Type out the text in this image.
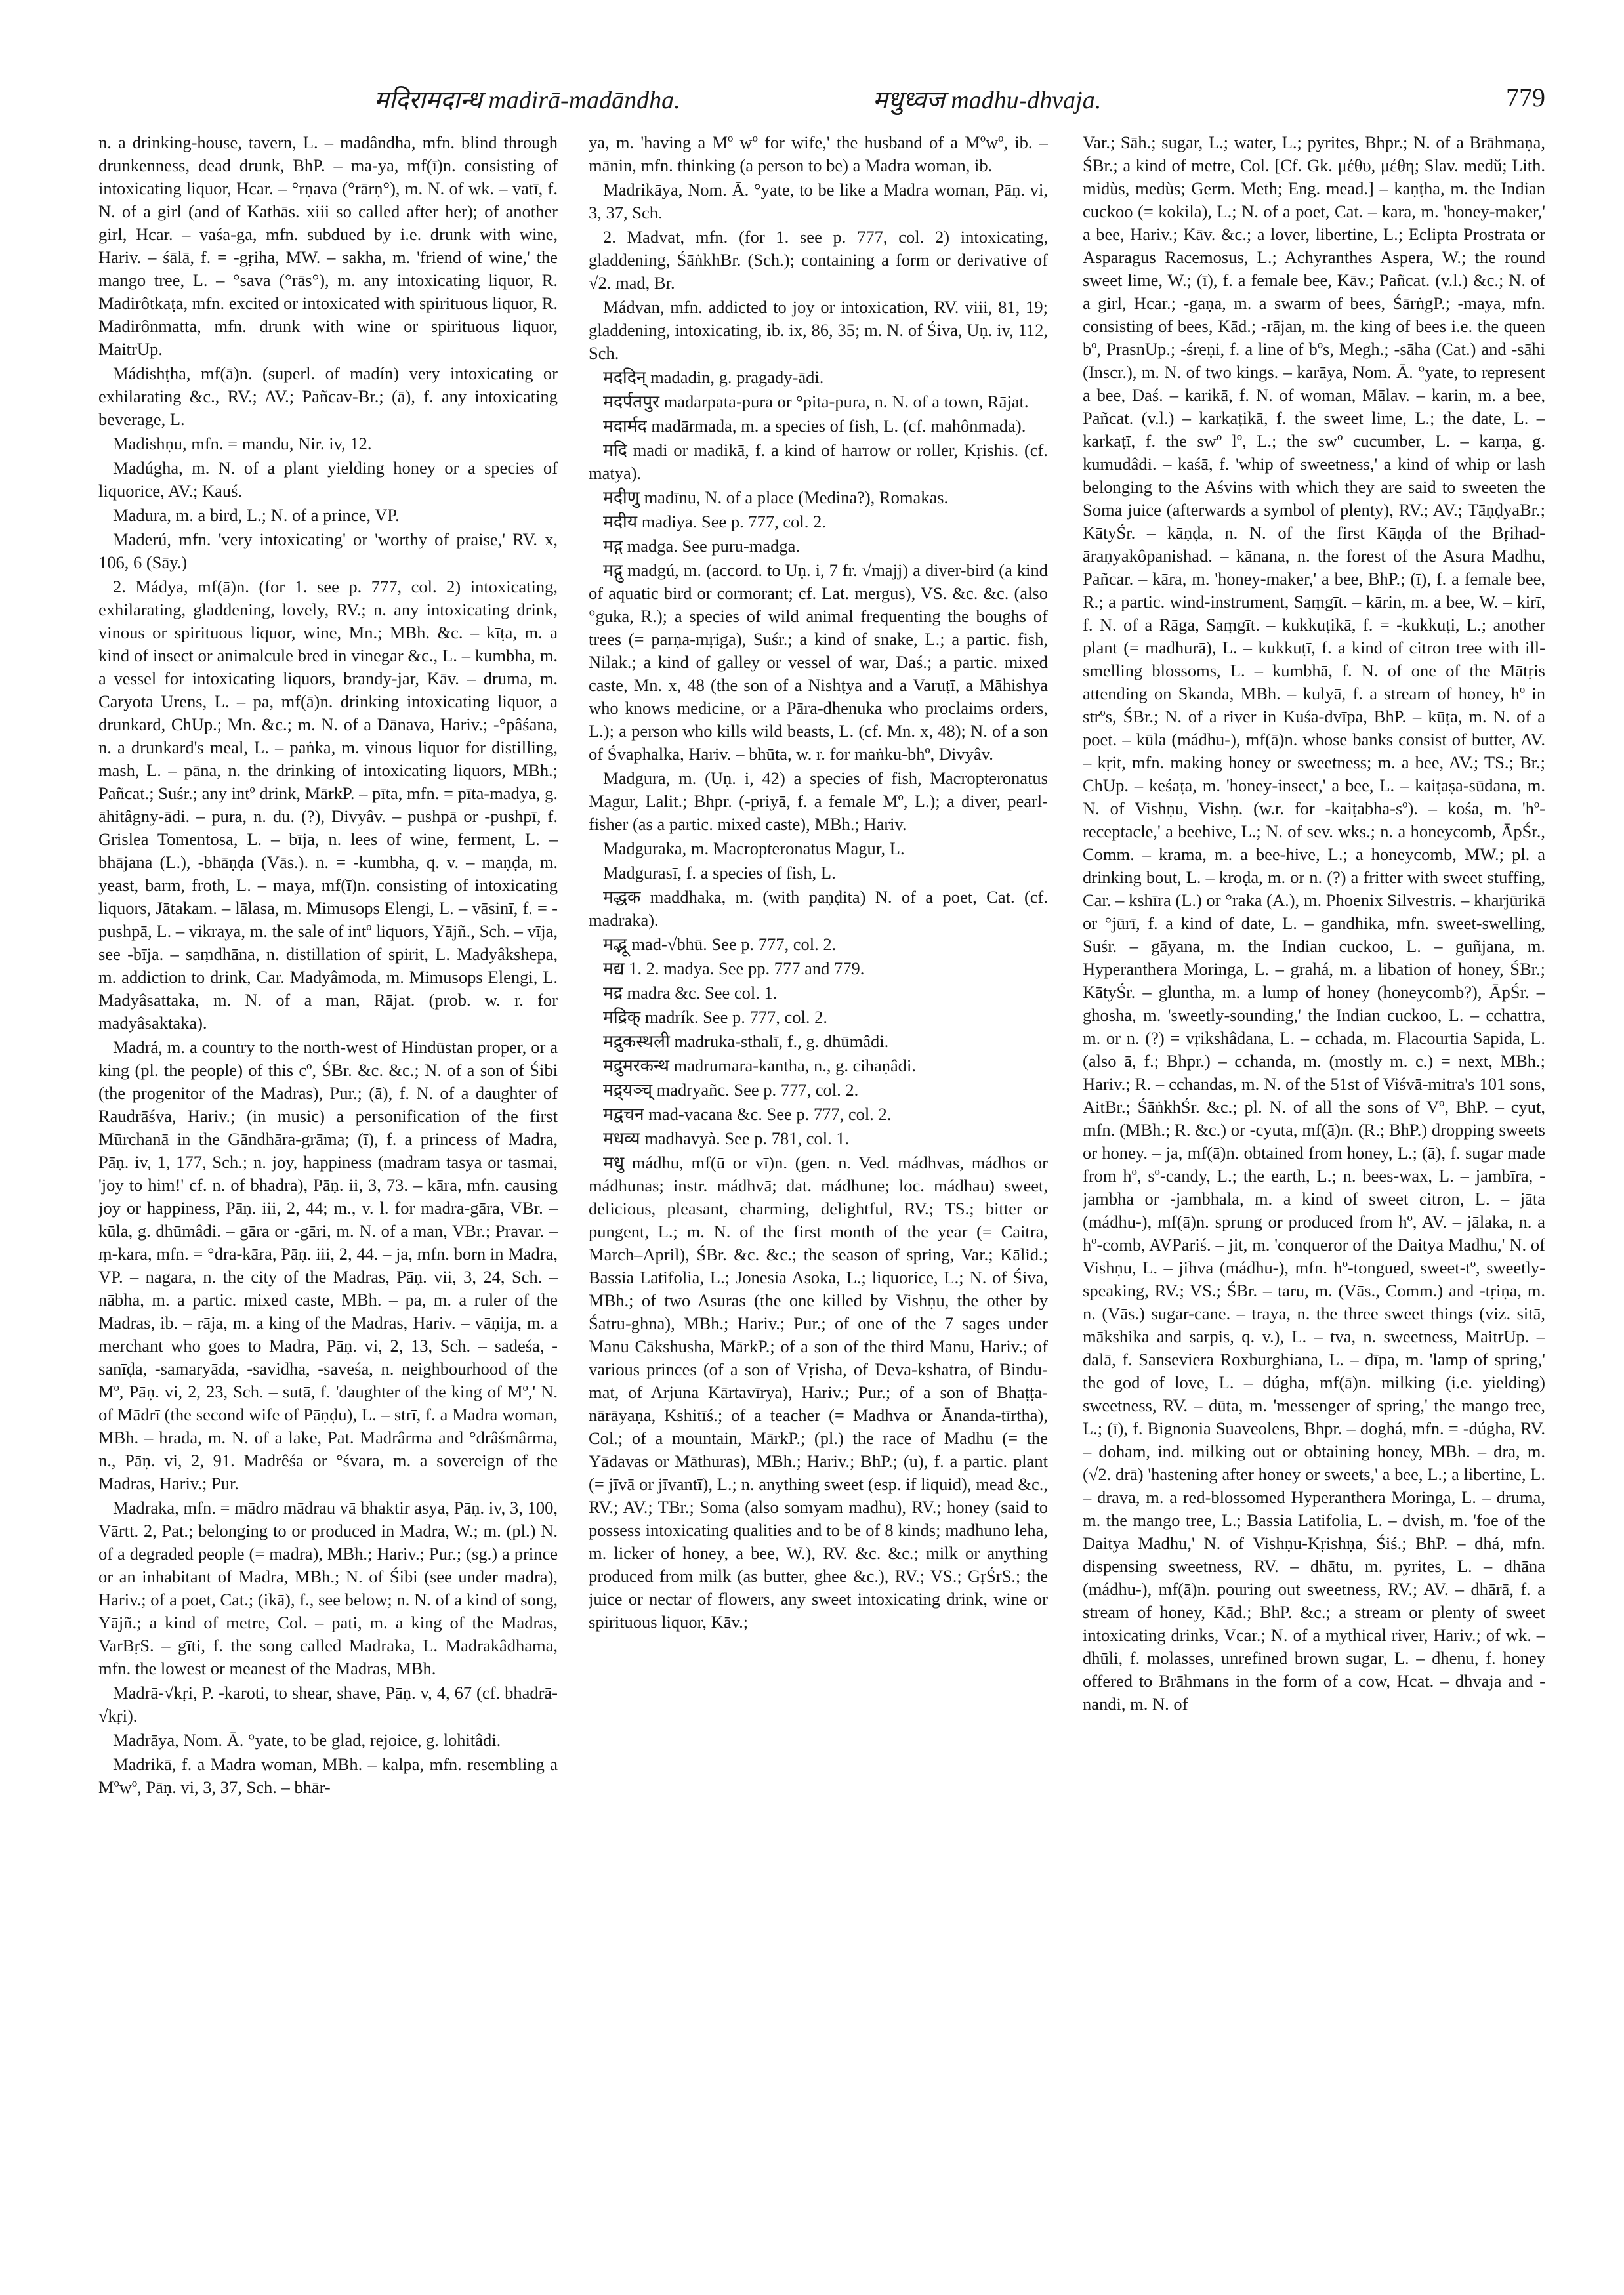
मदिरामदान्ध madirā-madāndha.	मधुध्वज madhu-dhvaja.	779

n. a drinking-house, tavern, L. – madândha, mfn. blind through drunkenness, dead drunk, BhP. – ma-ya, mf(ī)n. consisting of intoxicating liquor, Hcar. – °rṇava (°rārṇ°), m. N. of wk. – vatī, f. N. of a girl (and of Kathās. xiii so called after her); of another girl, Hcar. – vaśa-ga, mfn. subdued by i.e. drunk with wine, Hariv. – śālā, f. = -gṛiha, MW. – sakha, m. 'friend of wine,' the mango tree, L. – °sava (°rās°), m. any intoxicating liquor, R. Madirôtkaṭa, mfn. excited or intoxicated with spirituous liquor, R. Madirônmatta, mfn. drunk with wine or spirituous liquor, MaitrUp.

Mádishṭha, mf(ā)n. (superl. of madín) very intoxicating or exhilarating &c., RV.; AV.; Pañcav-Br.; (ā), f. any intoxicating beverage, L.

Madishṇu, mfn. = mandu, Nir. iv, 12.

Madúgha, m. N. of a plant yielding honey or a species of liquorice, AV.; Kauś.

Madura, m. a bird, L.; N. of a prince, VP.

Maderú, mfn. 'very intoxicating' or 'worthy of praise,' RV. x, 106, 6 (Sāy.)

2. Mádya, mf(ā)n. (for 1. see p. 777, col. 2) intoxicating, exhilarating, gladdening, lovely, RV.; n. any intoxicating drink, vinous or spirituous liquor, wine, Mn.; MBh. &c. – kīṭa, m. a kind of insect or animalcule bred in vinegar &c., L. – kumbha, m. a vessel for intoxicating liquors, brandy-jar, Kāv. – druma, m. Caryota Urens, L. – pa, mf(ā)n. drinking intoxicating liquor, a drunkard, ChUp.; Mn. &c.; m. N. of a Dānava, Hariv.; -°pâśana, n. a drunkard's meal, L. – paṅka, m. vinous liquor for distilling, mash, L. – pāna, n. the drinking of intoxicating liquors, MBh.; Pañcat.; Suśr.; any intº drink, MārkP. – pīta, mfn. = pīta-madya, g. āhitâgny-ādi. – pura, n. du. (?), Divyâv. – pushpā or -pushpī, f. Grislea Tomentosa, L. – bīja, n. lees of wine, ferment, L. – bhājana (L.), -bhāṇḍa (Vās.). n. = -kumbha, q. v. – maṇḍa, m. yeast, barm, froth, L. – maya, mf(ī)n. consisting of intoxicating liquors, Jātakam. – lālasa, m. Mimusops Elengi, L. – vāsinī, f. = -pushpā, L. – vikraya, m. the sale of intº liquors, Yājñ., Sch. – vīja, see -bīja. – saṃdhāna, n. distillation of spirit, L. Madyâkshepa, m. addiction to drink, Car. Madyâmoda, m. Mimusops Elengi, L. Madyâsattaka, m. N. of a man, Rājat. (prob. w. r. for madyâsaktaka).

Madrá, m. a country to the north-west of Hindūstan proper, or a king (pl. the people) of this cº, ŚBr. &c. &c.; N. of a son of Śibi (the progenitor of the Madras), Pur.; (ā), f. N. of a daughter of Raudrāśva, Hariv.; (in music) a personification of the first Mūrchanā in the Gāndhāra-grāma; (ī), f. a princess of Madra, Pāṇ. iv, 1, 177, Sch.; n. joy, happiness (madram tasya or tasmai, 'joy to him!' cf. n. of bhadra), Pāṇ. ii, 3, 73. – kāra, mfn. causing joy or happiness, Pāṇ. iii, 2, 44; m., v. l. for madra-gāra, VBr. – kūla, g. dhūmâdi. – gāra or -gāri, m. N. of a man, VBr.; Pravar. – ṃ-kara, mfn. = °dra-kāra, Pāṇ. iii, 2, 44. – ja, mfn. born in Madra, VP. – nagara, n. the city of the Madras, Pāṇ. vii, 3, 24, Sch. – nābha, m. a partic. mixed caste, MBh. – pa, m. a ruler of the Madras, ib. – rāja, m. a king of the Madras, Hariv. – vāṇija, m. a merchant who goes to Madra, Pāṇ. vi, 2, 13, Sch. – sadeśa, -sanīḍa, -samaryāda, -savidha, -saveśa, n. neighbourhood of the Mº, Pāṇ. vi, 2, 23, Sch. – sutā, f. 'daughter of the king of Mº,' N. of Mādrī (the second wife of Pāṇḍu), L. – strī, f. a Madra woman, MBh. – hrada, m. N. of a lake, Pat. Madrârma and °drâśmârma, n., Pāṇ. vi, 2, 91. Madrêśa or °śvara, m. a sovereign of the Madras, Hariv.; Pur.

Madraka, mfn. = mādro mādrau vā bhaktir asya, Pāṇ. iv, 3, 100, Vārtt. 2, Pat.; belonging to or produced in Madra, W.; m. (pl.) N. of a degraded people (= madra), MBh.; Hariv.; Pur.; (sg.) a prince or an inhabitant of Madra, MBh.; N. of Śibi (see under madra), Hariv.; of a poet, Cat.; (ikā), f., see below; n. N. of a kind of song, Yājñ.; a kind of metre, Col. – pati, m. a king of the Madras, VarBṛS. – gīti, f. the song called Madraka, L. Madrakâdhama, mfn. the lowest or meanest of the Madras, MBh.

Madrā-√kṛi, P. -karoti, to shear, shave, Pāṇ. v, 4, 67 (cf. bhadrā-√kṛi).

Madrāya, Nom. Ā. °yate, to be glad, rejoice, g. lohitâdi.

Madrikā, f. a Madra woman, MBh. – kalpa, mfn. resembling a Mºwº, Pāṇ. vi, 3, 37, Sch. – bhār-

ya, m. 'having a Mº wº for wife,' the husband of a Mºwº, ib. – mānin, mfn. thinking (a person to be) a Madra woman, ib.

Madrikāya, Nom. Ā. °yate, to be like a Madra woman, Pāṇ. vi, 3, 37, Sch.

2. Madvat, mfn. (for 1. see p. 777, col. 2) intoxicating, gladdening, ŚāṅkhBr. (Sch.); containing a form or derivative of √2. mad, Br.

Mádvan, mfn. addicted to joy or intoxication, RV. viii, 81, 19; gladdening, intoxicating, ib. ix, 86, 35; m. N. of Śiva, Uṇ. iv, 112, Sch.

मददिन् madadin, g. pragady-ādi.

मदर्पतपुर madarpata-pura or °pita-pura, n. N. of a town, Rājat.

मदार्मद madārmada, m. a species of fish, L. (cf. mahônmada).

मदि madi or madikā, f. a kind of harrow or roller, Kṛishis. (cf. matya).

मदीणु madīnu, N. of a place (Medina?), Romakas.

मदीय madiya. See p. 777, col. 2.

मद्ग madga. See puru-madga.

मद्गु madgú, m. (accord. to Uṇ. i, 7 fr. √majj) a diver-bird (a kind of aquatic bird or cormorant; cf. Lat. mergus), VS. &c. &c. (also °guka, R.); a species of wild animal frequenting the boughs of trees (= parṇa-mṛiga), Suśr.; a kind of snake, L.; a partic. fish, Nilak.; a kind of galley or vessel of war, Daś.; a partic. mixed caste, Mn. x, 48 (the son of a Nishṭya and a Varuṭī, a Māhishya who knows medicine, or a Pāra-dhenuka who proclaims orders, L.); a person who kills wild beasts, L. (cf. Mn. x, 48); N. of a son of Śvaphalka, Hariv. – bhūta, w. r. for maṅku-bhº, Divyâv.

Madgura, m. (Uṇ. i, 42) a species of fish, Macropteronatus Magur, Lalit.; Bhpr. (-priyā, f. a female Mº, L.); a diver, pearl-fisher (as a partic. mixed caste), MBh.; Hariv.

Madguraka, m. Macropteronatus Magur, L.

Madgurasī, f. a species of fish, L.

मद्धक maddhaka, m. (with paṇḍita) N. of a poet, Cat. (cf. madraka).

मद्भू mad-√bhū. See p. 777, col. 2.

मद्य 1. 2. madya. See pp. 777 and 779.

मद्र madra &c. See col. 1.

मद्रिक् madrík. See p. 777, col. 2.

मद्रुकस्थली madruka-sthalī, f., g. dhūmâdi.

मद्रुमरकन्थ madrumara-kantha, n., g. cihaṇâdi.

मद्र्यञ्च् madryañc. See p. 777, col. 2.

मद्वचन mad-vacana &c. See p. 777, col. 2.

मधव्य madhavyà. See p. 781, col. 1.

मधु mádhu, mf(ū or vī)n. (gen. n. Ved. mádhvas, mádhos or mádhunas; instr. mádhvā; dat. mádhune; loc. mádhau) sweet, delicious, pleasant, charming, delightful, RV.; TS.; bitter or pungent, L.; m. N. of the first month of the year (= Caitra, March–April), ŚBr. &c. &c.; the season of spring, Var.; Kālid.; Bassia Latifolia, L.; Jonesia Asoka, L.; liquorice, L.; N. of Śiva, MBh.; of two Asuras (the one killed by Vishṇu, the other by Śatru-ghna), MBh.; Hariv.; Pur.; of one of the 7 sages under Manu Cākshusha, MārkP.; of a son of the third Manu, Hariv.; of various princes (of a son of Vṛisha, of Deva-kshatra, of Bindu-mat, of Arjuna Kārtavīrya), Hariv.; Pur.; of a son of Bhaṭṭa-nārāyaṇa, Kshitīś.; of a teacher (= Madhva or Ānanda-tīrtha), Col.; of a mountain, MārkP.; (pl.) the race of Madhu (= the Yādavas or Māthuras), MBh.; Hariv.; BhP.; (u), f. a partic. plant (= jīvā or jīvantī), L.; n. anything sweet (esp. if liquid), mead &c., RV.; AV.; TBr.; Soma (also somyam madhu), RV.; honey (said to possess intoxicating qualities and to be of 8 kinds; madhuno leha, m. licker of honey, a bee, W.), RV. &c. &c.; milk or anything produced from milk (as butter, ghee &c.), RV.; VS.; GṛŚrS.; the juice or nectar of flowers, any sweet intoxicating drink, wine or spirituous liquor, Kāv.;

Var.; Sāh.; sugar, L.; water, L.; pyrites, Bhpr.; N. of a Brāhmaṇa, ŚBr.; a kind of metre, Col. [Cf. Gk. μέθυ, μέθη; Slav. medŭ; Lith. midùs, medùs; Germ. Meth; Eng. mead.] – kaṇṭha, m. the Indian cuckoo (= kokila), L.; N. of a poet, Cat. – kara, m. 'honey-maker,' a bee, Hariv.; Kāv. &c.; a lover, libertine, L.; Eclipta Prostrata or Asparagus Racemosus, L.; Achyranthes Aspera, W.; the round sweet lime, W.; (ī), f. a female bee, Kāv.; Pañcat. (v.l.) &c.; N. of a girl, Hcar.; -gaṇa, m. a swarm of bees, ŚārṅgP.; -maya, mfn. consisting of bees, Kād.; -rājan, m. the king of bees i.e. the queen bº, PrasnUp.; -śreṇi, f. a line of bºs, Megh.; -sāha (Cat.) and -sāhi (Inscr.), m. N. of two kings. – karāya, Nom. Ā. °yate, to represent a bee, Daś. – karikā, f. N. of woman, Mālav. – karin, m. a bee, Pañcat. (v.l.) – karkaṭikā, f. the sweet lime, L.; the date, L. – karkaṭī, f. the swº lº, L.; the swº cucumber, L. – karṇa, g. kumudâdi. – kaśā, f. 'whip of sweetness,' a kind of whip or lash belonging to the Aśvins with which they are said to sweeten the Soma juice (afterwards a symbol of plenty), RV.; AV.; TāṇḍyaBr.; KātyŚr. – kāṇḍa, n. N. of the first Kāṇḍa of the Bṛihad-āraṇyakôpanishad. – kānana, n. the forest of the Asura Madhu, Pañcar. – kāra, m. 'honey-maker,' a bee, BhP.; (ī), f. a female bee, R.; a partic. wind-instrument, Saṃgīt. – kārin, m. a bee, W. – kirī, f. N. of a Rāga, Saṃgīt. – kukkuṭikā, f. = -kukkuṭi, L.; another plant (= madhurā), L. – kukkuṭī, f. a kind of citron tree with ill-smelling blossoms, L. – kumbhā, f. N. of one of the Mātṛis attending on Skanda, MBh. – kulyā, f. a stream of honey, hº in strºs, ŚBr.; N. of a river in Kuśa-dvīpa, BhP. – kūṭa, m. N. of a poet. – kūla (mádhu-), mf(ā)n. whose banks consist of butter, AV. – kṛit, mfn. making honey or sweetness; m. a bee, AV.; TS.; Br.; ChUp. – keśaṭa, m. 'honey-insect,' a bee, L. – kaiṭaṣa-sūdana, m. N. of Vishṇu, Vishṇ. (w.r. for -kaiṭabha-sº). – kośa, m. 'hº-receptacle,' a beehive, L.; N. of sev. wks.; n. a honeycomb, ĀpŚr., Comm. – krama, m. a bee-hive, L.; a honeycomb, MW.; pl. a drinking bout, L. – kroḍa, m. or n. (?) a fritter with sweet stuffing, Car. – kshīra (L.) or °raka (A.), m. Phoenix Silvestris. – kharjūrikā or °jūrī, f. a kind of date, L. – gandhika, mfn. sweet-swelling, Suśr. – gāyana, m. the Indian cuckoo, L. – guñjana, m. Hyperanthera Moringa, L. – grahá, m. a libation of honey, ŚBr.; KātyŚr. – gluntha, m. a lump of honey (honeycomb?), ĀpŚr. – ghosha, m. 'sweetly-sounding,' the Indian cuckoo, L. – cchattra, m. or n. (?) = vṛikshâdana, L. – cchada, m. Flacourtia Sapida, L. (also ā, f.; Bhpr.) – cchanda, m. (mostly m. c.) = next, MBh.; Hariv.; R. – cchandas, m. N. of the 51st of Viśvā-mitra's 101 sons, AitBr.; ŚāṅkhŚr. &c.; pl. N. of all the sons of Vº, BhP. – cyut, mfn. (MBh.; R. &c.) or -cyuta, mf(ā)n. (R.; BhP.) dropping sweets or honey. – ja, mf(ā)n. obtained from honey, L.; (ā), f. sugar made from hº, sº-candy, L.; the earth, L.; n. bees-wax, L. – jambīra, -jambha or -jambhala, m. a kind of sweet citron, L. – jāta (mádhu-), mf(ā)n. sprung or produced from hº, AV. – jālaka, n. a hº-comb, AVPariś. – jit, m. 'conqueror of the Daitya Madhu,' N. of Vishṇu, L. – jihva (mádhu-), mfn. hº-tongued, sweet-tº, sweetly-speaking, RV.; VS.; ŚBr. – taru, m. (Vās., Comm.) and -tṛiṇa, m. n. (Vās.) sugar-cane. – traya, n. the three sweet things (viz. sitā, mākshika and sarpis, q. v.), L. – tva, n. sweetness, MaitrUp. – dalā, f. Sanseviera Roxburghiana, L. – dīpa, m. 'lamp of spring,' the god of love, L. – dúgha, mf(ā)n. milking (i.e. yielding) sweetness, RV. – dūta, m. 'messenger of spring,' the mango tree, L.; (ī), f. Bignonia Suaveolens, Bhpr. – doghá, mfn. = -dúgha, RV. – doham, ind. milking out or obtaining honey, MBh. – dra, m. (√2. drā) 'hastening after honey or sweets,' a bee, L.; a libertine, L. – drava, m. a red-blossomed Hyperanthera Moringa, L. – druma, m. the mango tree, L.; Bassia Latifolia, L. – dvish, m. 'foe of the Daitya Madhu,' N. of Vishṇu-Kṛishṇa, Śiś.; BhP. – dhá, mfn. dispensing sweetness, RV. – dhātu, m. pyrites, L. – dhāna (mádhu-), mf(ā)n. pouring out sweetness, RV.; AV. – dhārā, f. a stream of honey, Kād.; BhP. &c.; a stream or plenty of sweet intoxicating drinks, Vcar.; N. of a mythical river, Hariv.; of wk. – dhūli, f. molasses, unrefined brown sugar, L. – dhenu, f. honey offered to Brāhmans in the form of a cow, Hcat. – dhvaja and -nandi, m. N. of
